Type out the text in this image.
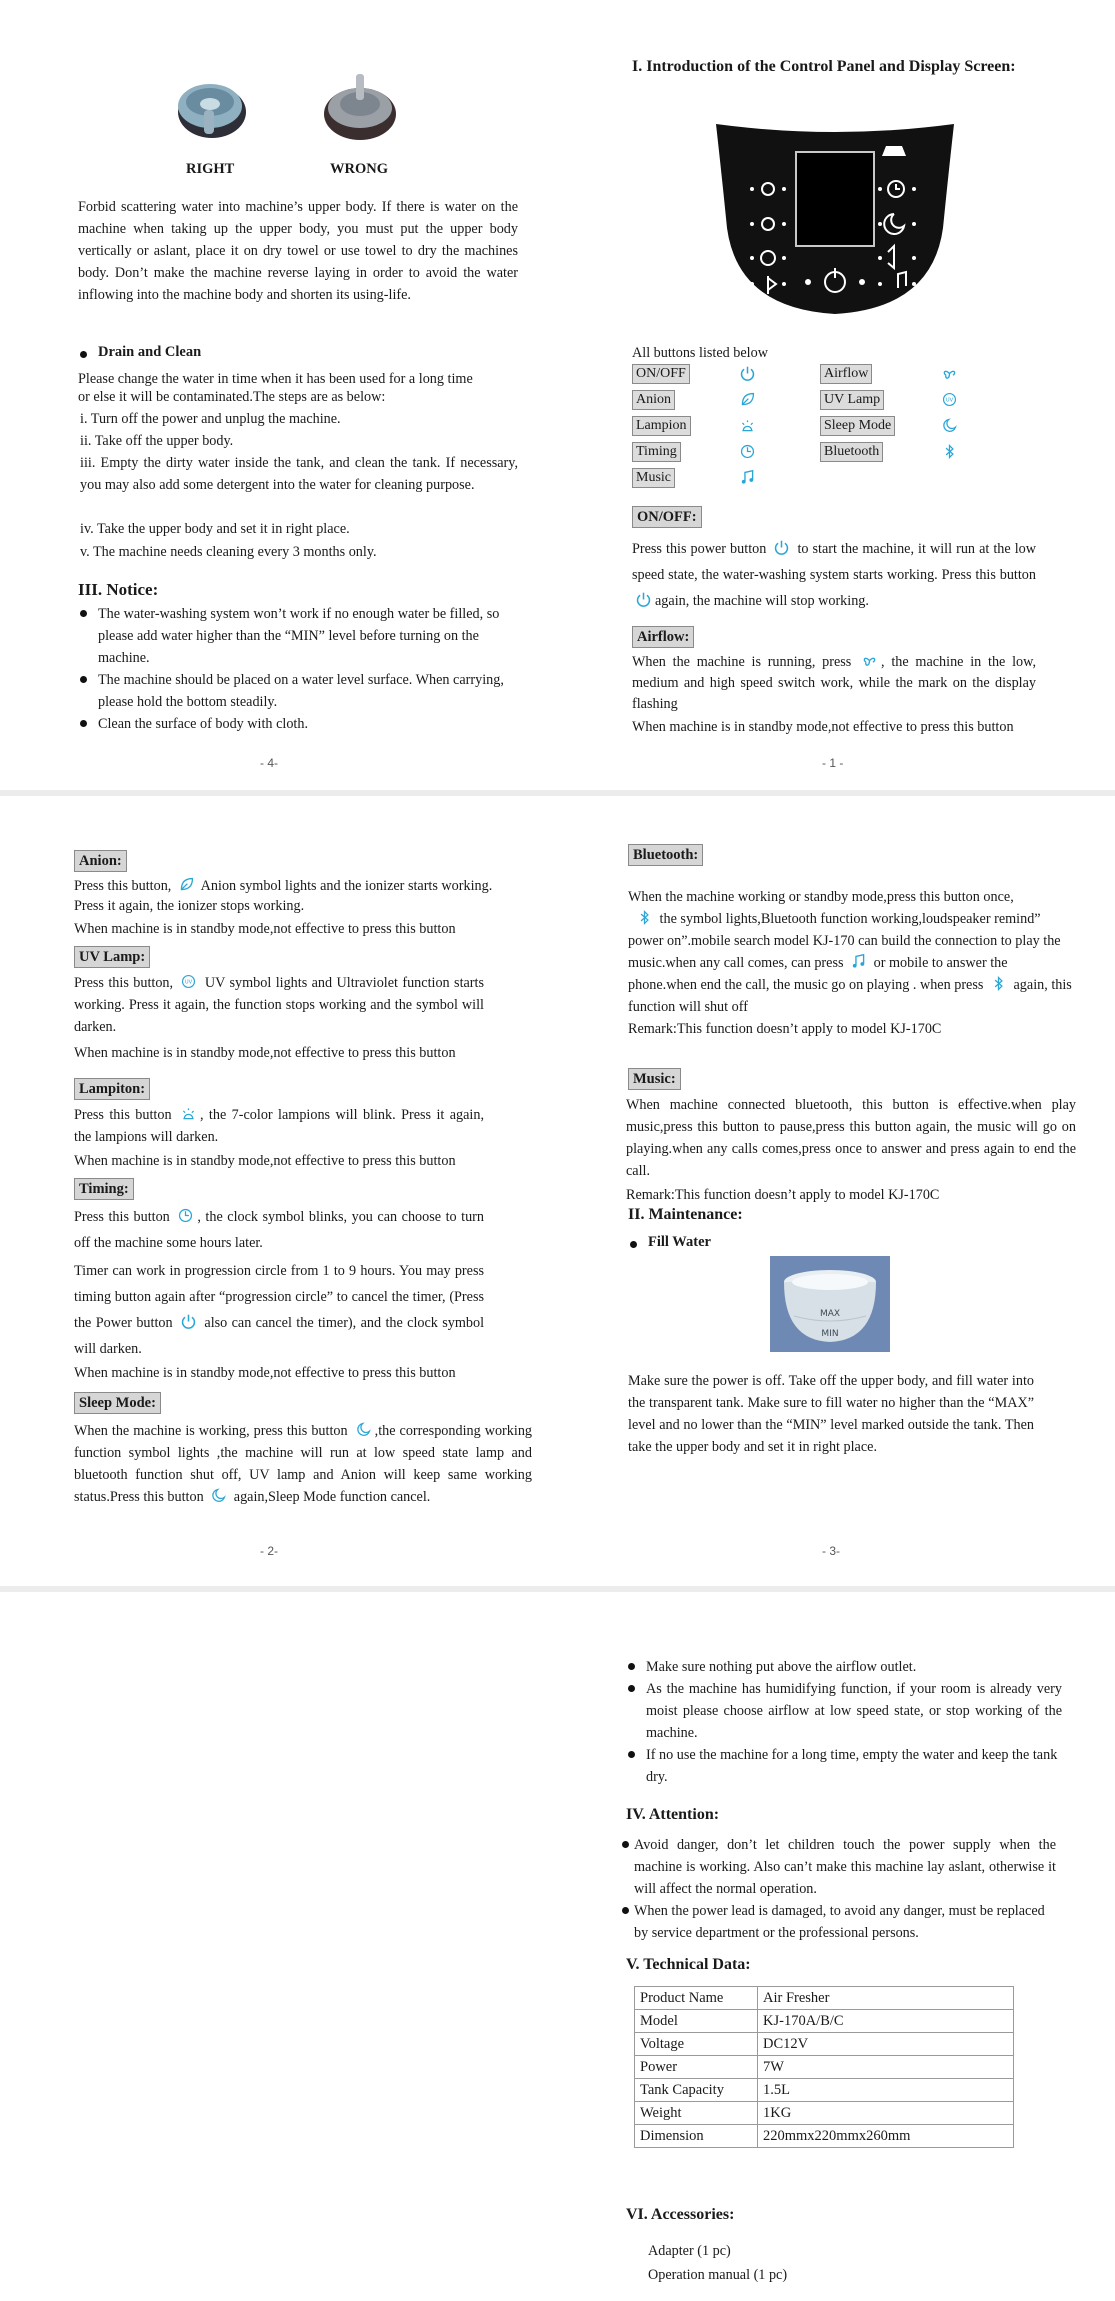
RIGHT	WRONG

Forbid scattering water into machine’s upper body. If there is water on the machine when taking up the upper body, you must put the upper body vertically or aslant, place it on dry towel or use towel to dry the machines body. Don’t make the machine reverse laying in order to avoid the water inflowing into the machine body and shorten its using-life.

Drain and Clean

Please change the water in time when it has been used for a long time

or else it will be contaminated.The steps are as below:

i. Turn off the power and unplug the machine.

ii. Take off the upper body.

iii. Empty the dirty water inside the tank, and clean the tank. If necessary, you may also add some detergent into the water for cleaning purpose.

iv. Take the upper body and set it in right place.

v. The machine needs cleaning every 3 months only.

III. Notice:

The water-washing system won’t work if no enough water be filled, so please add water higher than the “MIN” level before turning on the machine.

The machine should be placed on a water level surface. When carrying, please hold the bottom steadily.

Clean the surface of body with cloth.

- 4-
I. Introduction of the Control Panel and Display Screen:
All buttons listed below
ON/OFF	Airflow
Anion	UV Lamp	UV
Lampion	Sleep Mode
Timing	Bluetooth
Music
ON/OFF:

Press this power button to start the machine, it will run at the low speed state, the water-washing system starts working. Press this button
again, the machine will stop working.

Airflow:

When the machine is running, press , the machine in the low, medium and high speed switch work, while the mark on the display flashing

When machine is in standby mode,not effective to press this button

- 1 -
Anion:

Press this button, Anion symbol lights and the ionizer starts working. Press it again, the ionizer stops working.

When machine is in standby mode,not effective to press this button

UV Lamp:

Press this button, UV UV symbol lights and Ultraviolet function starts working. Press it again, the function stops working and the symbol will darken.

When machine is in standby mode,not effective to press this button

Lampiton:

Press this button , the 7-color lampions will blink. Press it again, the lampions will darken.

When machine is in standby mode,not effective to press this button

Timing:

Press this button , the clock symbol blinks, you can choose to turn off the machine some hours later.

Timer can work in progression circle from 1 to 9 hours. You may press timing button again after “progression circle” to cancel the timer, (Press the Power button also can cancel the timer), and the clock symbol will darken.

When machine is in standby mode,not effective to press this button

Sleep Mode:

When the machine is working, press this button ,the corresponding working function symbol lights ,the machine will run at low speed state lamp and bluetooth function shut off, UV lamp and Anion will keep same working status.Press this button again,Sleep Mode function cancel.

- 2-
Bluetooth:

When the machine working or standby mode,press this button once,

the symbol lights,Bluetooth function working,loudspeaker remind” power on”.mobile search model KJ-170 can build the connection to play the music.when any call comes, can press or mobile to answer the phone.when end the call, the music go on playing . when press again, this function will shut off
Remark:This function doesn’t apply to model KJ-170C

Music:

When machine connected bluetooth, this button is effective.when play music,press this button to pause,press this button again, the music will go on playing.when any calls comes,press once to answer and press again to end the call.

Remark:This function doesn’t apply to model KJ-170C

II. Maintenance:
Fill Water
MAX
MIN

Make sure the power is off. Take off the upper body, and fill water into the transparent tank. Make sure to fill water no higher than the “MAX” level and no lower than the “MIN” level marked outside the tank. Then take the upper body and set it in right place.

- 3-

Make sure nothing put above the airflow outlet.

As the machine has humidifying function, if your room is already very moist please choose airflow at low speed state, or stop working of the machine.

If no use the machine for a long time, empty the water and keep the tank dry.

IV. Attention:

Avoid danger, don’t let children touch the power supply when the machine is working. Also can’t make this machine lay aslant, otherwise it will affect the normal operation.

When the power lead is damaged, to avoid any danger, must be replaced by service department or the professional persons.

V. Technical Data:
Product Name	Air Fresher
Model	KJ-170A/B/C
Voltage	DC12V
Power	7W
Tank Capacity	1.5L
Weight	1KG
Dimension	220mmx220mmx260mm
VI. Accessories:

Adapter (1 pc)

Operation manual (1 pc)
